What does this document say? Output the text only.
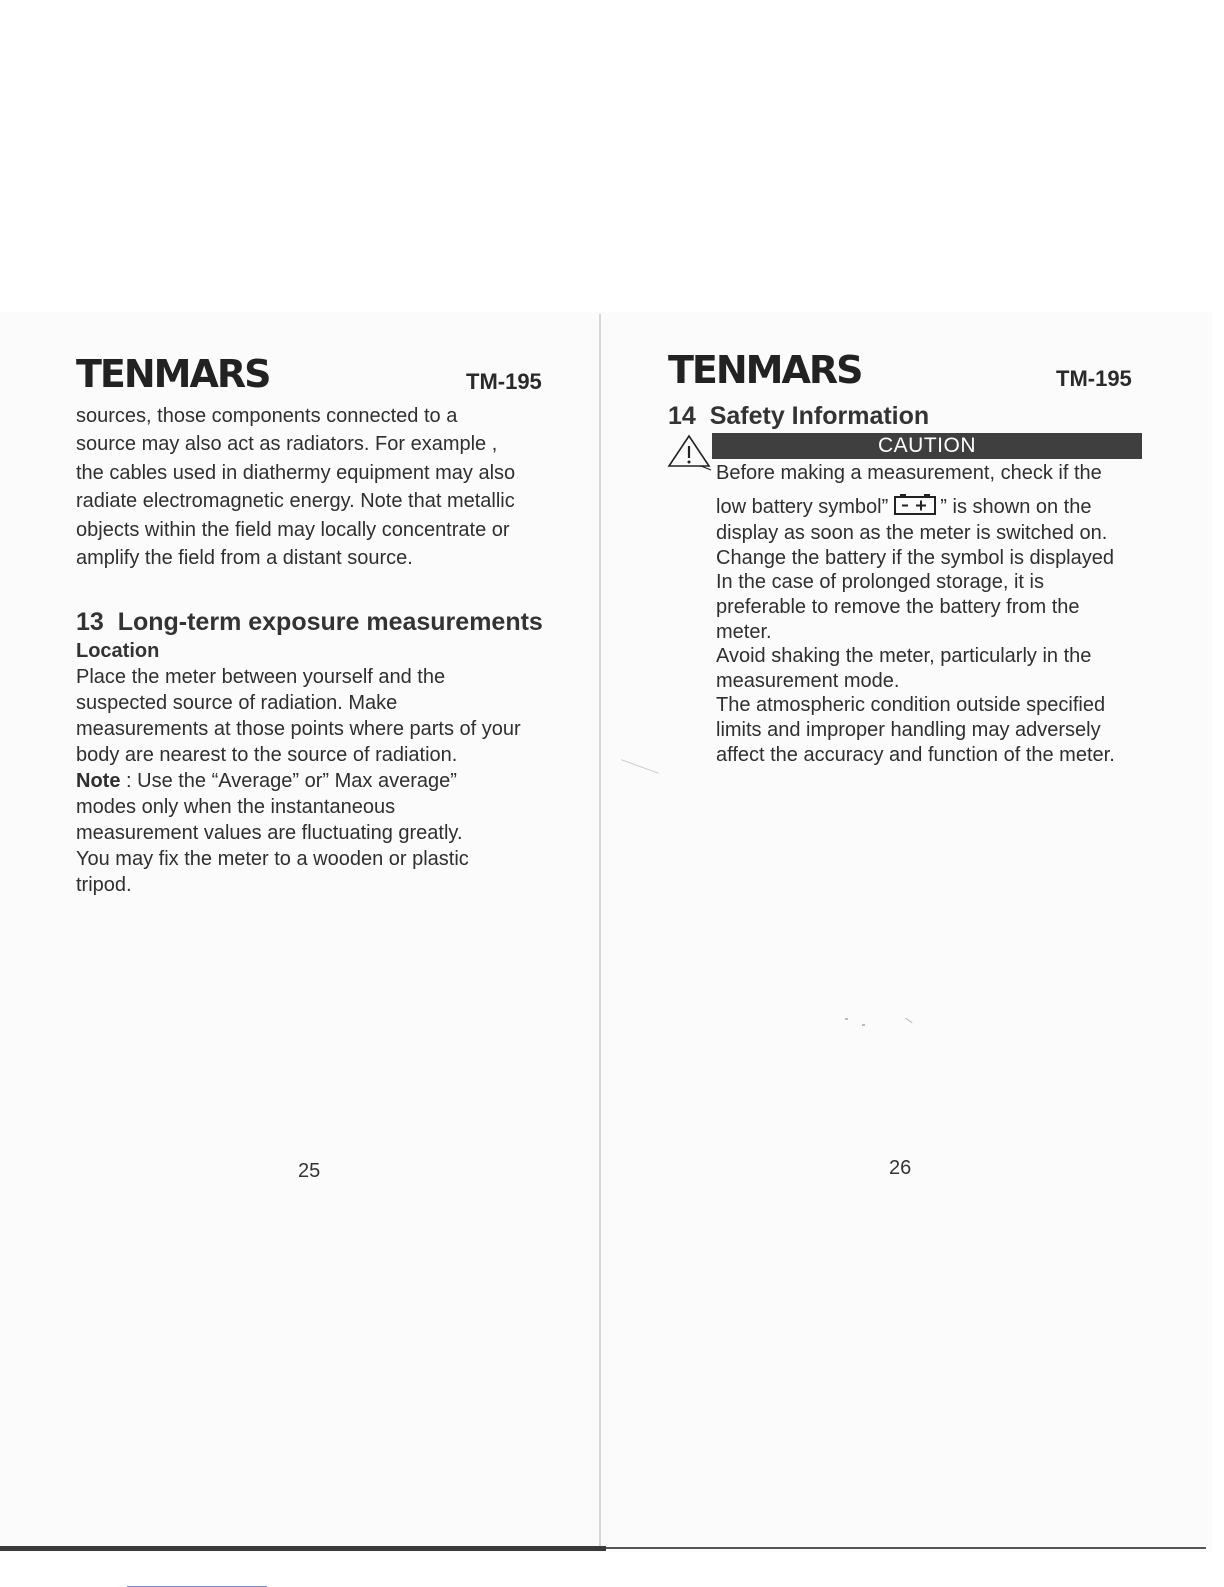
TENMARS	TM-195

sources, those components connected to a

source may also act as radiators. For example ,

the cables used in diathermy equipment may also

radiate electromagnetic energy. Note that metallic

objects within the field may locally concentrate or

amplify the field from a distant source.

13  Long-term exposure measurements
Location

Place the meter between yourself and the

suspected source of radiation. Make

measurements at those points where parts of your

body are nearest to the source of radiation.

Note : Use the “Average” or” Max average”

modes only when the instantaneous

measurement values are fluctuating greatly.

You may fix the meter to a wooden or plastic

tripod.

25
TENMARS	TM-195
14  Safety Information
CAUTION

Before making a measurement, check if the

low battery symbol”	” is shown on the

display as soon as the meter is switched on.

Change the battery if the symbol is displayed

In the case of prolonged storage, it is

preferable to remove the battery from the

meter.

Avoid shaking the meter, particularly in the

measurement mode.

The atmospheric condition outside specified

limits and improper handling may adversely

affect the accuracy and function of the meter.

26
